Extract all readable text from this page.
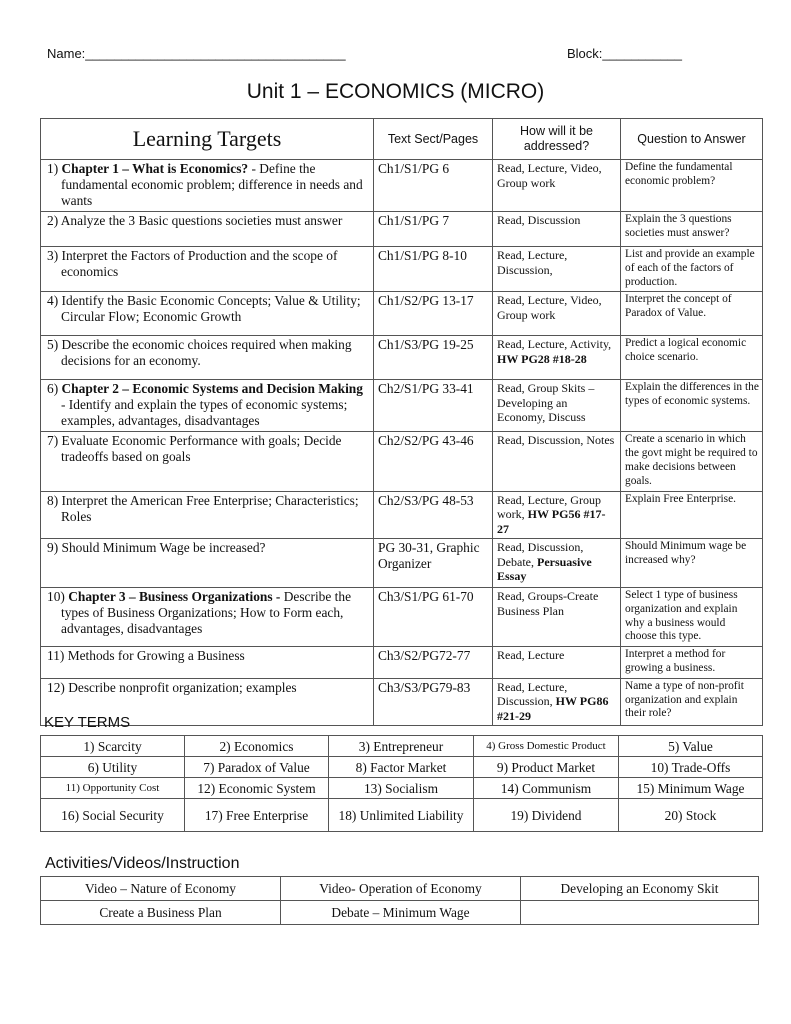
Name:____________________________________	Block:___________
Unit 1 – ECONOMICS (MICRO)
Learning Targets	Text Sect/Pages	How will it be addressed?	Question to Answer
1) Chapter 1 – What is Economics? - Define the fundamental economic problem; difference in needs and wants	Ch1/S1/PG 6	Read, Lecture, Video, Group work	Define the fundamental economic problem?
2) Analyze the 3 Basic questions societies must answer	Ch1/S1/PG 7	Read, Discussion	Explain the 3 questions societies must answer?
3) Interpret the Factors of Production and the scope of economics	Ch1/S1/PG 8-10	Read, Lecture, Discussion,	List and provide an example of each of the factors of production.
4) Identify the Basic Economic Concepts; Value & Utility; Circular Flow; Economic Growth	Ch1/S2/PG 13-17	Read, Lecture, Video, Group work	Interpret the concept of Paradox of Value.
5) Describe the economic choices required when making decisions for an economy.	Ch1/S3/PG 19-25	Read, Lecture, Activity, HW PG28 #18-28	Predict a logical economic choice scenario.
6) Chapter 2 – Economic Systems and Decision Making - Identify and explain the types of economic systems; examples, advantages, disadvantages	Ch2/S1/PG 33-41	Read, Group Skits – Developing an Economy, Discuss	Explain the differences in the types of economic systems.
7) Evaluate Economic Performance with goals; Decide tradeoffs based on goals	Ch2/S2/PG 43-46	Read, Discussion, Notes	Create a scenario in which the govt might be required to make decisions between goals.
8) Interpret the American Free Enterprise; Characteristics; Roles	Ch2/S3/PG 48-53	Read, Lecture, Group work, HW PG56 #17-27	Explain Free Enterprise.
9) Should Minimum Wage be increased?	PG 30-31, Graphic Organizer	Read, Discussion, Debate, Persuasive Essay	Should Minimum wage be increased why?
10) Chapter 3 – Business Organizations - Describe the types of Business Organizations; How to Form each, advantages, disadvantages	Ch3/S1/PG 61-70	Read, Groups-Create Business Plan	Select 1 type of business organization and explain why a business would choose this type.
11) Methods for Growing a Business	Ch3/S2/PG72-77	Read, Lecture	Interpret a method for growing a business.
12) Describe nonprofit organization; examples	Ch3/S3/PG79-83	Read, Lecture, Discussion, HW PG86 #21-29	Name a type of non-profit organization and explain their role?
KEY TERMS
1) Scarcity	2) Economics	3) Entrepreneur	4) Gross Domestic Product	5) Value
6) Utility	7) Paradox of Value	8) Factor Market	9) Product Market	10) Trade-Offs
11) Opportunity Cost	12) Economic System	13) Socialism	14) Communism	15) Minimum Wage
16) Social Security	17) Free Enterprise	18) Unlimited Liability	19) Dividend	20) Stock
Activities/Videos/Instruction
Video – Nature of Economy	Video- Operation of Economy	Developing an Economy Skit
Create a Business Plan	Debate – Minimum Wage	
